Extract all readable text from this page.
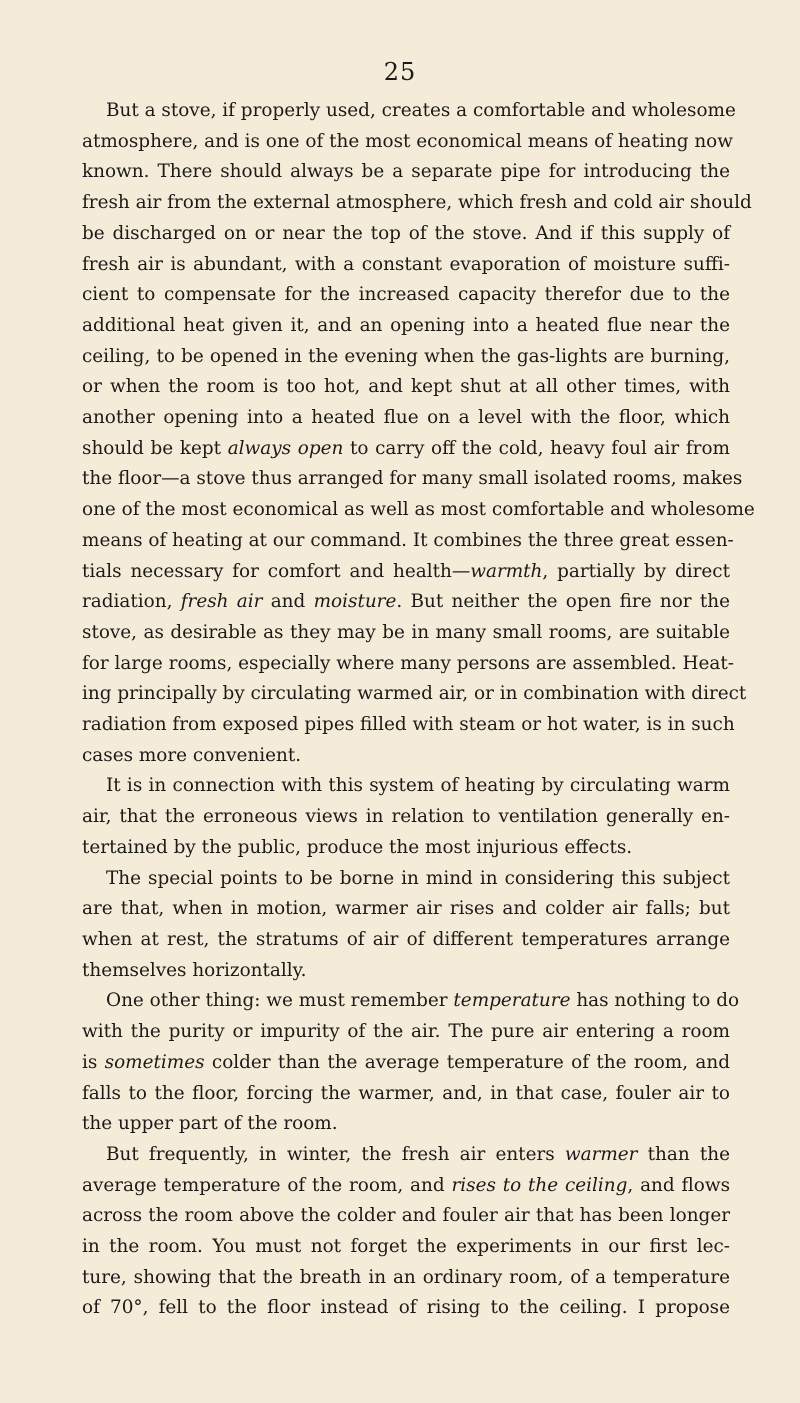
25
But a stove, if properly used, creates a comfortable and wholesome
atmosphere, and is one of the most economical means of heating now
known. There should always be a separate pipe for introducing the
fresh air from the external atmosphere, which fresh and cold air should
be discharged on or near the top of the stove. And if this supply of
fresh air is abundant, with a constant evaporation of moisture suffi-
cient to compensate for the increased capacity therefor due to the
additional heat given it, and an opening into a heated flue near the
ceiling, to be opened in the evening when the gas-lights are burning,
or when the room is too hot, and kept shut at all other times, with
another opening into a heated flue on a level with the floor, which
should be kept always open to carry off the cold, heavy foul air from
the floor—a stove thus arranged for many small isolated rooms, makes
one of the most economical as well as most comfortable and wholesome
means of heating at our command. It combines the three great essen-
tials necessary for comfort and health—warmth, partially by direct
radiation, fresh air and moisture. But neither the open fire nor the
stove, as desirable as they may be in many small rooms, are suitable
for large rooms, especially where many persons are assembled. Heat-
ing principally by circulating warmed air, or in combination with direct
radiation from exposed pipes filled with steam or hot water, is in such
cases more convenient.
It is in connection with this system of heating by circulating warm
air, that the erroneous views in relation to ventilation generally en-
tertained by the public, produce the most injurious effects.
The special points to be borne in mind in considering this subject
are that, when in motion, warmer air rises and colder air falls; but
when at rest, the stratums of air of different temperatures arrange
themselves horizontally.
One other thing: we must remember temperature has nothing to do
with the purity or impurity of the air. The pure air entering a room
is sometimes colder than the average temperature of the room, and
falls to the floor, forcing the warmer, and, in that case, fouler air to
the upper part of the room.
But frequently, in winter, the fresh air enters warmer than the
average temperature of the room, and rises to the ceiling, and flows
across the room above the colder and fouler air that has been longer
in the room. You must not forget the experiments in our first lec-
ture, showing that the breath in an ordinary room, of a temperature
of 70°, fell to the floor instead of rising to the ceiling. I propose
